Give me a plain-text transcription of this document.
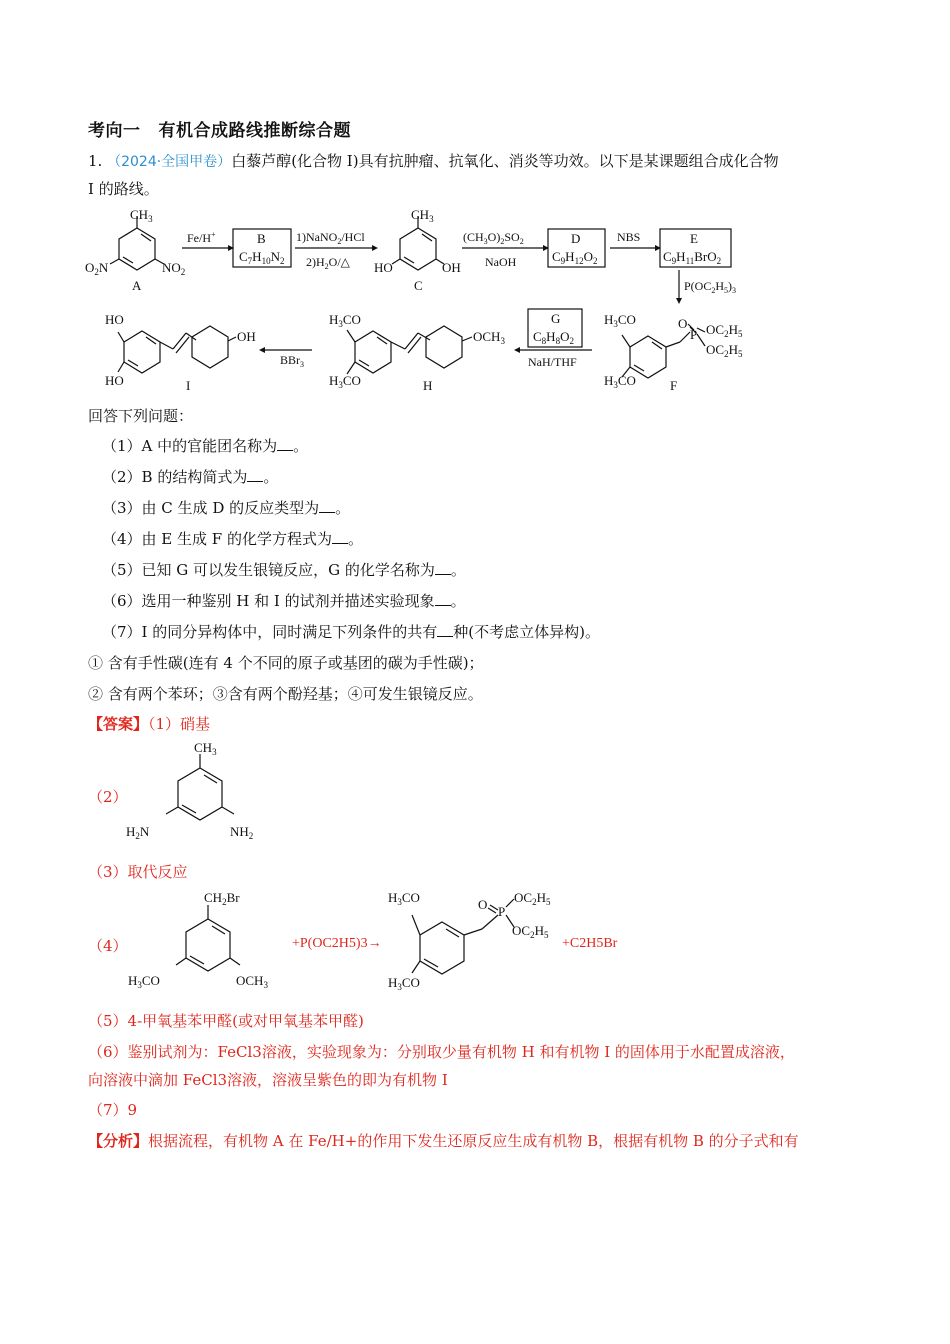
考向一 有机合成路线推断综合题
1. （2024·全国甲卷）白藜芦醇(化合物 I)具有抗肿瘤、抗氧化、消炎等功效。以下是某课题组合成化合物
I 的路线。
$CH_3$
$O_2N$	$NO_2$
A
Fe/H+	B
$C_7H_{10}N_2$
1)NaNO$_2$/HCl
$2)H_2O/\triangle$
$CH_3$
HO	OH
C
$(CH_3O)_2SO_2$
NaOH
D
$C_9H_{12}O_2$
NBS	E
$C_9H_{11}BrO_2$
$P(OC_2H_5)_3$
$H_3CO$
$H_3CO$
O
P $OC_2H_5$
$OC_2H_5$
F
G
$C_8H_8O_2$
NaH/THF
$H_3CO$
$H_3CO$
$OCH_3$
H
BBr$_3$
HO
HO
OH
I
回答下列问题：
（1）A 中的官能团名称为 。
（2）B 的结构简式为 。
（3）由 C 生成 D 的反应类型为 。
（4）由 E 生成 F 的化学方程式为 。
（5）已知 G 可以发生银镜反应，G 的化学名称为 。
（6）选用一种鉴别 H 和 I 的试剂并描述实验现象 。
（7）I 的同分异构体中，同时满足下列条件的共有 种(不考虑立体异构)。
① 含有手性碳(连有 4 个不同的原子或基团的碳为手性碳)；
② 含有两个苯环；③含有两个酚羟基；④可发生银镜反应。
【答案】（1）硝基
（2）
$CH_3$
$H_2N$	$NH_2$
（3）取代反应
（4）
$CH_2Br$
$H_3CO$	$OCH_3$
$H_3CO$
$H_3CO$
O P
$OC_2H_5$
$OC_2H_5$
+P(OC2H5)3→	+C2H5Br
（5）4-甲氧基苯甲醛(或对甲氧基苯甲醛)
（6）鉴别试剂为：FeCl3溶液，实验现象为：分别取少量有机物 H 和有机物 I 的固体用于水配置成溶液，
向溶液中滴加 FeCl3溶液，溶液呈紫色的即为有机物 I
（7）9
【分析】根据流程，有机物 A 在 Fe/H+的作用下发生还原反应生成有机物 B，根据有机物 B 的分子式和有
